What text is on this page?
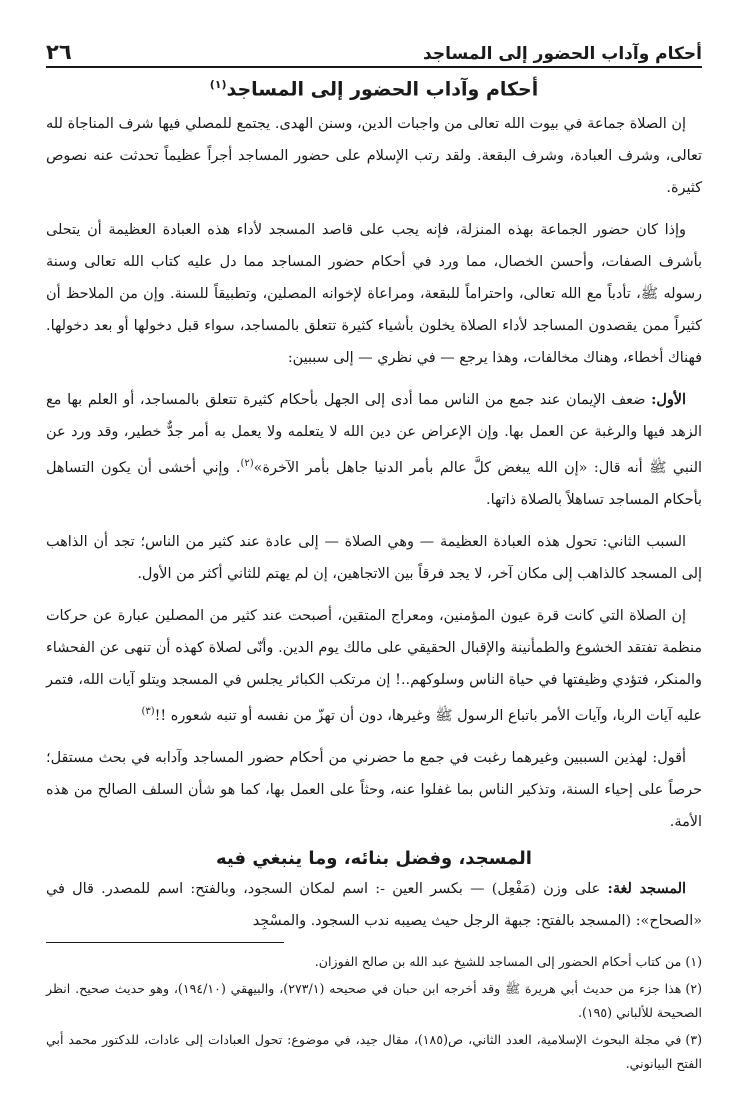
أحكام وآداب الحضور إلى المساجد
٢٦
أحكام وآداب الحضور إلى المساجد$^{(١)}$

إن الصلاة جماعة في بيوت الله تعالى من واجبات الدين، وسنن الهدى. يجتمع للمصلي فيها شرف المناجاة لله تعالى، وشرف العبادة، وشرف البقعة. ولقد رتب الإسلام على حضور المساجد أجراً عظيماً تحدثت عنه نصوص كثيرة.

وإذا كان حضور الجماعة بهذه المنزلة، فإنه يجب على قاصد المسجد لأداء هذه العبادة العظيمة أن يتحلى بأشرف الصفات، وأحسن الخصال، مما ورد في أحكام حضور المساجد مما دل عليه كتاب الله تعالى وسنة رسوله ﷺ، تأدباً مع الله تعالى، واحتراماً للبقعة، ومراعاة لإخوانه المصلين، وتطبيقاً للسنة. وإن من الملاحظ أن كثيراً ممن يقصدون المساجد لأداء الصلاة يخلون بأشياء كثيرة تتعلق بالمساجد، سواء قبل دخولها أو بعد دخولها. فهناك أخطاء، وهناك مخالفات، وهذا يرجع — في نظري — إلى سببين:

الأول: ضعف الإيمان عند جمع من الناس مما أدى إلى الجهل بأحكام كثيرة تتعلق بالمساجد، أو العلم بها مع الزهد فيها والرغبة عن العمل بها. وإن الإعراض عن دين الله لا يتعلمه ولا يعمل به أمر جدٌّ خطير، وقد ورد عن النبي ﷺ أنه قال: «إن الله يبغض كلَّ عالم بأمر الدنيا جاهل بأمر الآخرة»$^{(٢)}$. وإني أخشى أن يكون التساهل بأحكام المساجد تساهلاً بالصلاة ذاتها.

السبب الثاني: تحول هذه العبادة العظيمة — وهي الصلاة — إلى عادة عند كثير من الناس؛ تجد أن الذاهب إلى المسجد كالذاهب إلى مكان آخر، لا يجد فرقاً بين الاتجاهين، إن لم يهتم للثاني أكثر من الأول.

إن الصلاة التي كانت قرة عيون المؤمنين، ومعراج المتقين، أصبحت عند كثير من المصلين عبارة عن حركات منظمة تفتقد الخشوع والطمأنينة والإقبال الحقيقي على مالك يوم الدين. وأنّى لصلاة كهذه أن تنهى عن الفحشاء والمنكر، فتؤدي وظيفتها في حياة الناس وسلوكهم..! إن مرتكب الكبائر يجلس في المسجد ويتلو آيات الله، فتمر عليه آيات الربا، وآيات الأمر باتباع الرسول ﷺ وغيرها، دون أن تهزّ من نفسه أو تنبه شعوره !!$^{(٣)}$

أقول: لهذين السببين وغيرهما رغبت في جمع ما حضرني من أحكام حضور المساجد وآدابه في بحث مستقل؛ حرصاً على إحياء السنة، وتذكير الناس بما غفلوا عنه، وحثاً على العمل بها، كما هو شأن السلف الصالح من هذه الأمة.

المسجد، وفضل بنائه، وما ينبغي فيه

المسجد لغة: على وزن (مَفْعِل) — بكسر العين -: اسم لمكان السجود، وبالفتح: اسم للمصدر. قال في «الصحاح»: (المسجد بالفتح: جبهة الرجل حيث يصيبه ندب السجود. والمسْجِد

(١)من كتاب أحكام الحضور إلى المساجد للشيخ عبد الله بن صالح الفوزان.

(٢)هذا جزء من حديث أبي هريرة ﷺ وقد أخرجه ابن حبان في صحيحه (٢٧٣/١)، والبيهقي (١٩٤/١٠)، وهو حديث صحيح. انظر الصحيحة للألباني (١٩٥).

(٣)في مجلة البحوث الإسلامية، العدد الثاني، ص(١٨٥)، مقال جيد، في موضوع: تحول العبادات إلى عادات، للدكتور محمد أبي الفتح البيانوني.
